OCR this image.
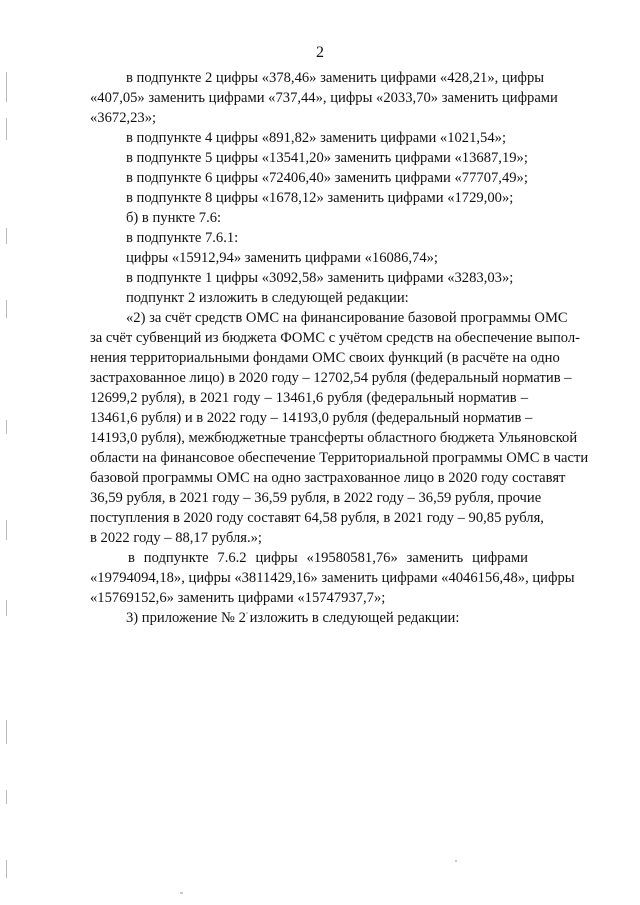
2
в подпункте 2 цифры «378,46» заменить цифрами «428,21», цифры
«407,05» заменить цифрами «737,44», цифры «2033,70» заменить цифрами
«3672,23»;
в подпункте 4 цифры «891,82» заменить цифрами «1021,54»;
в подпункте 5 цифры «13541,20» заменить цифрами «13687,19»;
в подпункте 6 цифры «72406,40» заменить цифрами «77707,49»;
в подпункте 8 цифры «1678,12» заменить цифрами «1729,00»;
б) в пункте 7.6:
в подпункте 7.6.1:
цифры «15912,94» заменить цифрами «16086,74»;
в подпункте 1 цифры «3092,58» заменить цифрами «3283,03»;
подпункт 2 изложить в следующей редакции:
«2) за счёт средств ОМС на финансирование базовой программы ОМС
за счёт субвенций из бюджета ФОМС с учётом средств на обеспечение выпол-
нения территориальными фондами ОМС своих функций (в расчёте на одно
застрахованное лицо) в 2020 году – 12702,54 рубля (федеральный норматив –
12699,2 рубля), в 2021 году – 13461,6 рубля (федеральный норматив –
13461,6 рубля) и в 2022 году – 14193,0 рубля (федеральный норматив –
14193,0 рубля), межбюджетные трансферты областного бюджета Ульяновской
области на финансовое обеспечение Территориальной программы ОМС в части
базовой программы ОМС на одно застрахованное лицо в 2020 году составят
36,59 рубля, в 2021 году – 36,59 рубля, в 2022 году – 36,59 рубля, прочие
поступления в 2020 году составят 64,58 рубля, в 2021 году – 90,85 рубля,
в 2022 году – 88,17 рубля.»;
в подпункте 7.6.2 цифры «19580581,76» заменить цифрами
«19794094,18», цифры «3811429,16» заменить цифрами «4046156,48», цифры
«15769152,6» заменить цифрами «15747937,7»;
3) приложение № 2 изложить в следующей редакции:
